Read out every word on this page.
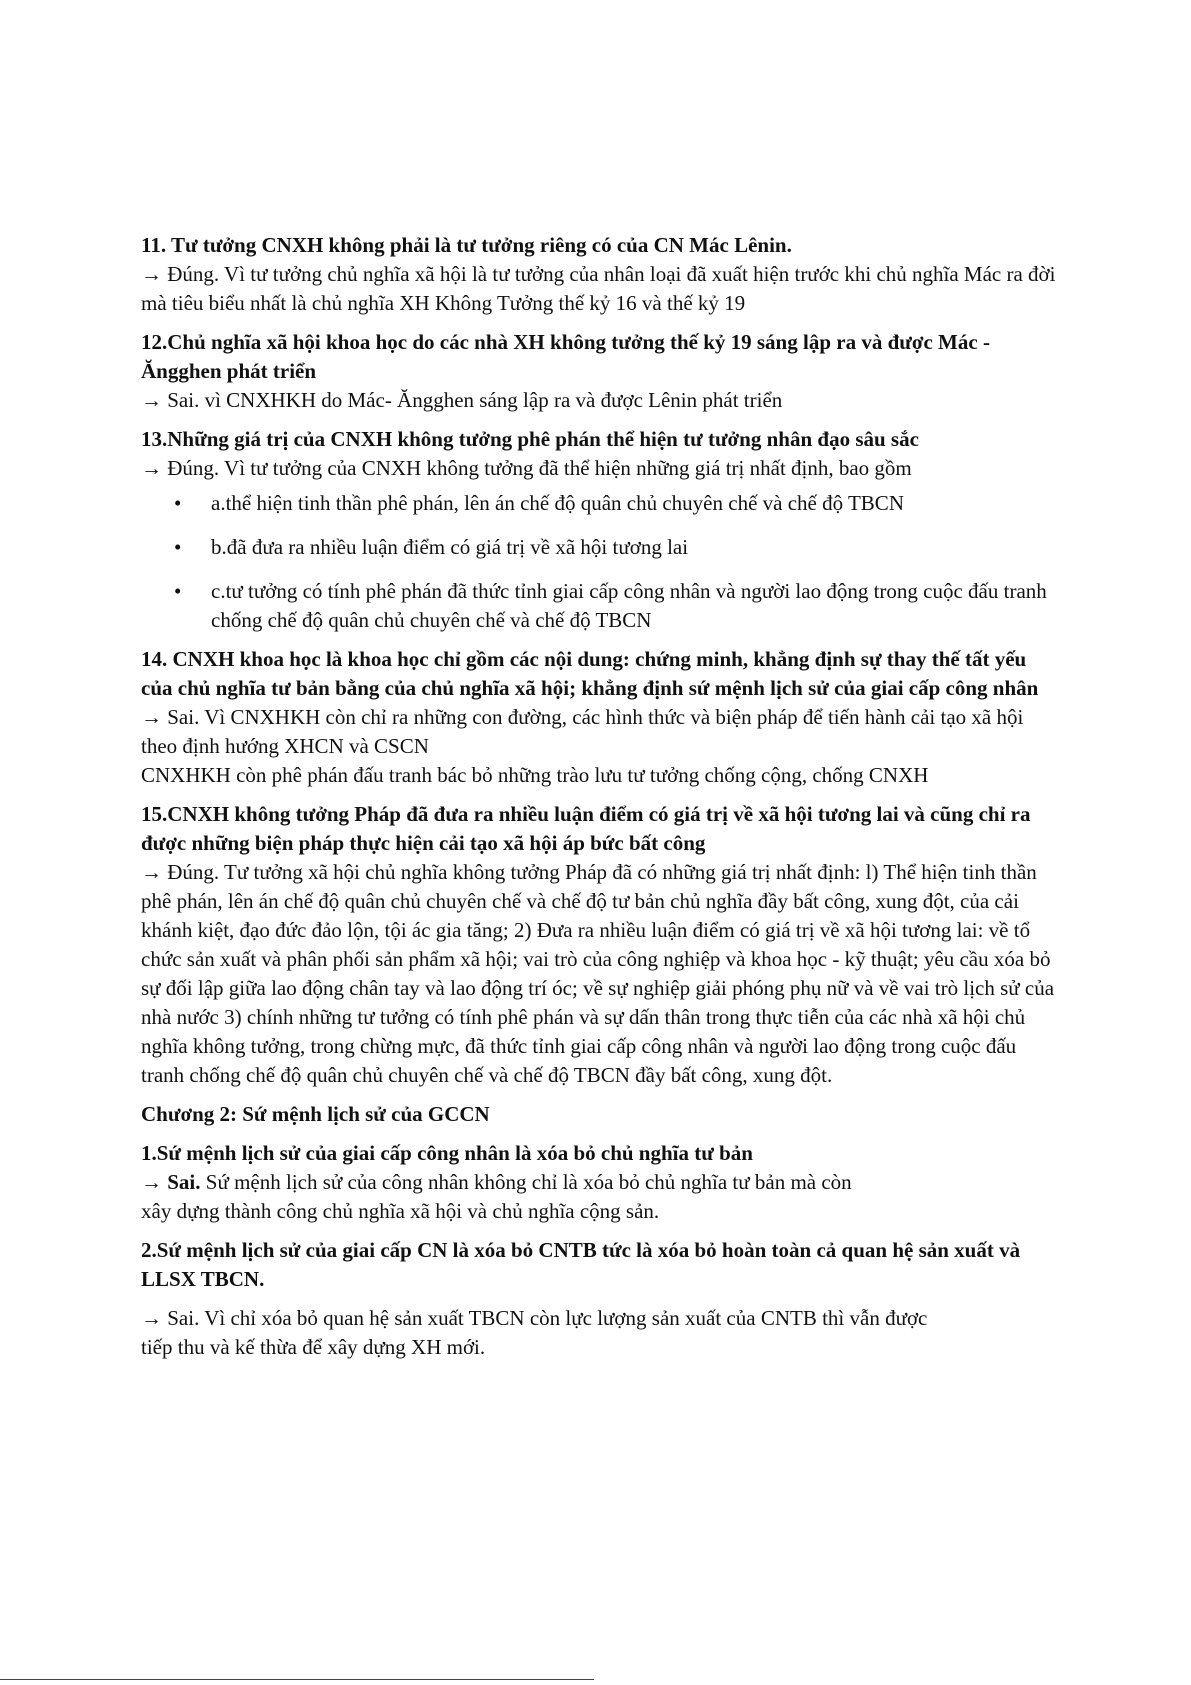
11. Tư tưởng CNXH không phải là tư tưởng riêng có của CN Mác Lênin.
→ Đúng. Vì tư tưởng chủ nghĩa xã hội là tư tưởng của nhân loại đã xuất hiện trước khi chủ nghĩa Mác ra đời mà tiêu biểu nhất là chủ nghĩa XH Không Tưởng thế kỷ 16 và thế kỷ 19
12.Chủ nghĩa xã hội khoa học do các nhà XH không tưởng thế kỷ 19 sáng lập ra và được Mác - Ăngghen phát triển
→ Sai. vì CNXHKH do Mác- Ăngghen sáng lập ra và được Lênin phát triển
13.Những giá trị của CNXH không tưởng phê phán thể hiện tư tưởng nhân đạo sâu sắc
→ Đúng. Vì tư tưởng của CNXH không tưởng đã thể hiện những giá trị nhất định, bao gồm
• a.thể hiện tinh thần phê phán, lên án chế độ quân chủ chuyên chế và chế độ TBCN
• b.đã đưa ra nhiều luận điểm có giá trị về xã hội tương lai
• c.tư tưởng có tính phê phán đã thức tỉnh giai cấp công nhân và người lao động trong cuộc đấu tranh chống chế độ quân chủ chuyên chế và chế độ TBCN
14. CNXH khoa học là khoa học chỉ gồm các nội dung: chứng minh, khẳng định sự thay thế tất yếu của chủ nghĩa tư bản bằng của chủ nghĩa xã hội; khẳng định sứ mệnh lịch sử của giai cấp công nhân
→ Sai. Vì CNXHKH còn chỉ ra những con đường, các hình thức và biện pháp để tiến hành cải tạo xã hội theo định hướng XHCN và CSCN
CNXHKH còn phê phán đấu tranh bác bỏ những trào lưu tư tưởng chống cộng, chống CNXH
15.CNXH không tưởng Pháp đã đưa ra nhiều luận điểm có giá trị về xã hội tương lai và cũng chỉ ra được những biện pháp thực hiện cải tạo xã hội áp bức bất công
→ Đúng. Tư tưởng xã hội chủ nghĩa không tưởng Pháp đã có những giá trị nhất định: l) Thể hiện tinh thần phê phán, lên án chế độ quân chủ chuyên chế và chế độ tư bản chủ nghĩa đầy bất công, xung đột, của cải khánh kiệt, đạo đức đảo lộn, tội ác gia tăng; 2) Đưa ra nhiều luận điểm có giá trị về xã hội tương lai: về tổ chức sản xuất và phân phối sản phẩm xã hội; vai trò của công nghiệp và khoa học - kỹ thuật; yêu cầu xóa bỏ sự đối lập giữa lao động chân tay và lao động trí óc; về sự nghiệp giải phóng phụ nữ và về vai trò lịch sử của nhà nước 3) chính những tư tưởng có tính phê phán và sự dấn thân trong thực tiễn của các nhà xã hội chủ nghĩa không tưởng, trong chừng mực, đã thức tỉnh giai cấp công nhân và người lao động trong cuộc đấu tranh chống chế độ quân chủ chuyên chế và chế độ TBCN đầy bất công, xung đột.
Chương 2: Sứ mệnh lịch sử của GCCN
1.Sứ mệnh lịch sử của giai cấp công nhân là xóa bỏ chủ nghĩa tư bản
→ Sai. Sứ mệnh lịch sử của công nhân không chỉ là xóa bỏ chủ nghĩa tư bản mà còn
xây dựng thành công chủ nghĩa xã hội và chủ nghĩa cộng sản.
2.Sứ mệnh lịch sử của giai cấp CN là xóa bỏ CNTB tức là xóa bỏ hoàn toàn cả quan hệ sản xuất và LLSX TBCN.
→ Sai. Vì chỉ xóa bỏ quan hệ sản xuất TBCN còn lực lượng sản xuất của CNTB thì vẫn được
tiếp thu và kế thừa để xây dựng XH mới.
